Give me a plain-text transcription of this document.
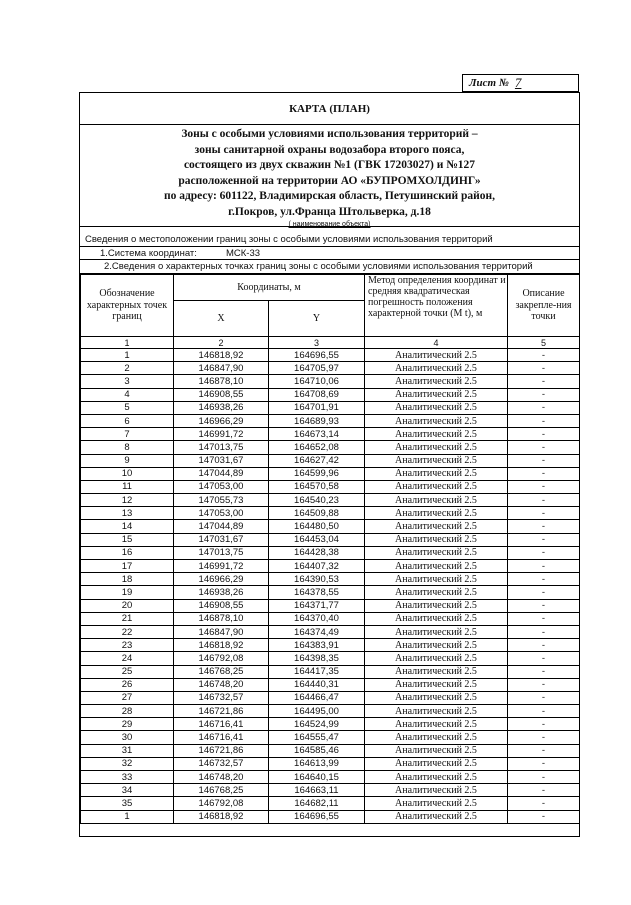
Лист № 7
КАРТА (ПЛАН)
Зоны с особыми условиями использования территорий –
зоны санитарной охраны водозабора второго пояса,
состоящего из двух скважин №1 (ГВК 17203027) и №127
расположенной на территории АО «БУПРОМХОЛДИНГ»
по адресу: 601122, Владимирская область, Петушинский район,
г.Покров, ул.Франца Штольверка, д.18
( наименование объекта)
Сведения о местоположении границ зоны с особыми условиями использования территорий
1.Система координат:	МСК-33
2.Сведения о характерных точках границ зоны с особыми условиями использования территорий
Обозначение характерных точек границ	Координаты, м		Метод определения координат и средняя квадратическая погрешность положения характерной точки (М t), м	Описание закрепле-ния точки
	X	Y		
1	2	3	4	5
1	146818,92	164696,55	Аналитический 2.5	-
2	146847,90	164705,97	Аналитический 2.5	-
3	146878,10	164710,06	Аналитический 2.5	-
4	146908,55	164708,69	Аналитический 2.5	-
5	146938,26	164701,91	Аналитический 2.5	-
6	146966,29	164689,93	Аналитический 2.5	-
7	146991,72	164673,14	Аналитический 2.5	-
8	147013,75	164652,08	Аналитический 2.5	-
9	147031,67	164627,42	Аналитический 2.5	-
10	147044,89	164599,96	Аналитический 2.5	-
11	147053,00	164570,58	Аналитический 2.5	-
12	147055,73	164540,23	Аналитический 2.5	-
13	147053,00	164509,88	Аналитический 2.5	-
14	147044,89	164480,50	Аналитический 2.5	-
15	147031,67	164453,04	Аналитический 2.5	-
16	147013,75	164428,38	Аналитический 2.5	-
17	146991,72	164407,32	Аналитический 2.5	-
18	146966,29	164390,53	Аналитический 2.5	-
19	146938,26	164378,55	Аналитический 2.5	-
20	146908,55	164371,77	Аналитический 2.5	-
21	146878,10	164370,40	Аналитический 2.5	-
22	146847,90	164374,49	Аналитический 2.5	-
23	146818,92	164383,91	Аналитический 2.5	-
24	146792,08	164398,35	Аналитический 2.5	-
25	146768,25	164417,35	Аналитический 2.5	-
26	146748,20	164440,31	Аналитический 2.5	-
27	146732,57	164466,47	Аналитический 2.5	-
28	146721,86	164495,00	Аналитический 2.5	-
29	146716,41	164524,99	Аналитический 2.5	-
30	146716,41	164555,47	Аналитический 2.5	-
31	146721,86	164585,46	Аналитический 2.5	-
32	146732,57	164613,99	Аналитический 2.5	-
33	146748,20	164640,15	Аналитический 2.5	-
34	146768,25	164663,11	Аналитический 2.5	-
35	146792,08	164682,11	Аналитический 2.5	-
1	146818,92	164696,55	Аналитический 2.5	-
